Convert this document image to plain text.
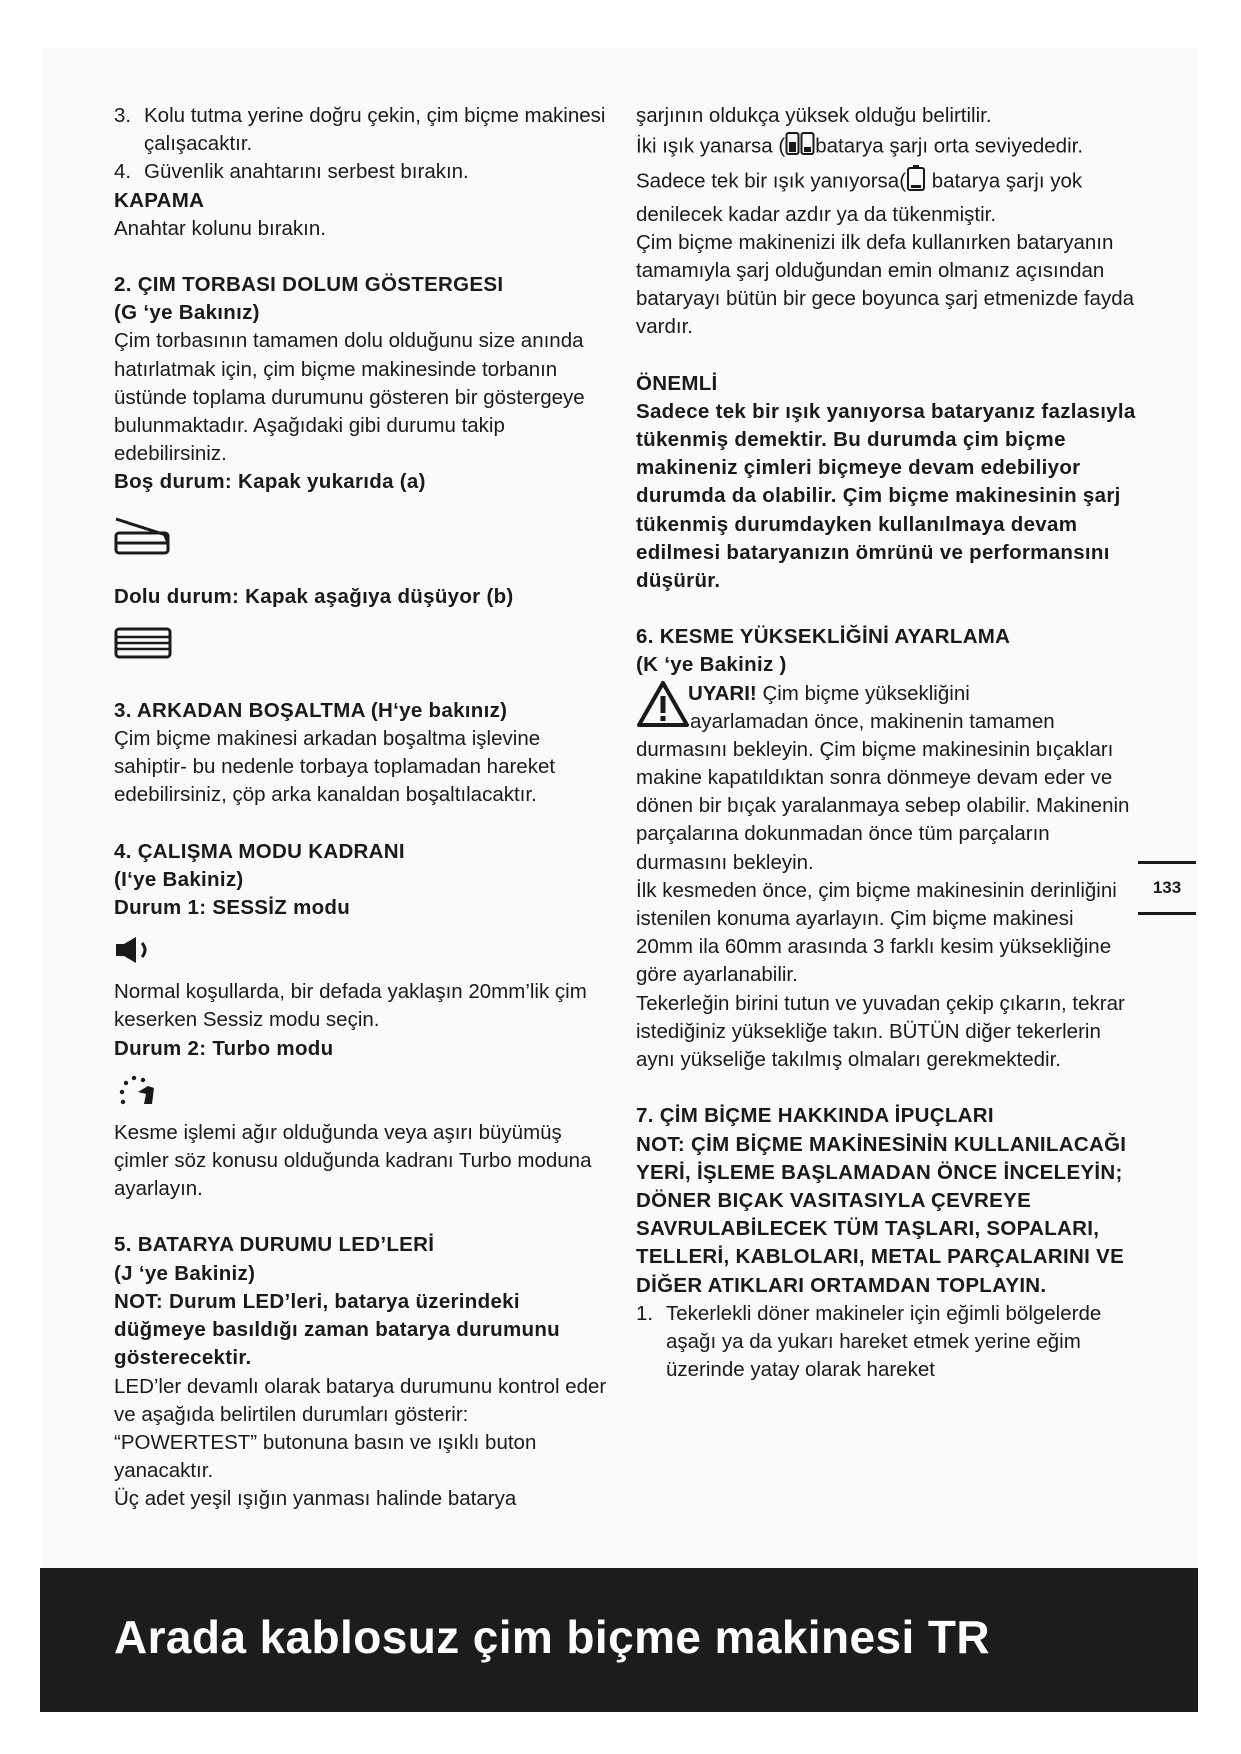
3. Kolu tutma yerine doğru çekin, çim biçme makinesi çalışacaktır.
4. Güvenlik anahtarını serbest bırakın.

KAPAMA

Anahtar kolunu bırakın.

2. ÇIM TORBASI DOLUM GÖSTERGESI

(G ‘ye Bakınız)

Çim torbasının tamamen dolu olduğunu size anında hatırlatmak için, çim biçme makinesinde torbanın üstünde toplama durumunu gösteren bir göstergeye bulunmaktadır. Aşağıdaki gibi durumu takip edebilirsiniz.

Boş durum: Kapak yukarıda (a)

Dolu durum: Kapak aşağıya düşüyor (b)

3. ARKADAN BOŞALTMA (H‘ye bakınız)

Çim biçme makinesi arkadan boşaltma işlevine sahiptir- bu nedenle torbaya toplamadan hareket edebilirsiniz, çöp arka kanaldan boşaltılacaktır.

4. ÇALIŞMA MODU KADRANI

(I‘ye Bakiniz)

Durum 1: SESSİZ modu

Normal koşullarda, bir defada yaklaşın 20mm’lik çim keserken Sessiz modu seçin.

Durum 2: Turbo modu

Kesme işlemi ağır olduğunda veya aşırı büyümüş çimler söz konusu olduğunda kadranı Turbo moduna ayarlayın.

5. BATARYA DURUMU LED’LERİ

(J ‘ye Bakiniz)

NOT: Durum LED’leri, batarya üzerindeki düğmeye basıldığı zaman batarya durumunu gösterecektir.

LED’ler devamlı olarak batarya durumunu kontrol eder ve aşağıda belirtilen durumları gösterir: “POWERTEST” butonuna basın ve ışıklı buton yanacaktır.

Üç adet yeşil ışığın yanması halinde batarya

şarjının oldukça yüksek olduğu belirtilir.

İki ışık yanarsa ( batarya şarjı orta seviyededir.

Sadece tek bir ışık yanıyorsa( batarya şarjı yok denilecek kadar azdır ya da tükenmiştir.

Çim biçme makinenizi ilk defa kullanırken bataryanın tamamıyla şarj olduğundan emin olmanız açısından bataryayı bütün bir gece boyunca şarj etmenizde fayda vardır.

ÖNEMLİ

Sadece tek bir ışık yanıyorsa bataryanız fazlasıyla tükenmiş demektir. Bu durumda çim biçme makineniz çimleri biçmeye devam edebiliyor durumda da olabilir. Çim biçme makinesinin şarj tükenmiş durumdayken kullanılmaya devam edilmesi bataryanızın ömrünü ve performansını düşürür.

6. KESME YÜKSEKLİĞİNİ AYARLAMA

(K ‘ye Bakiniz )

UYARI! Çim biçme yüksekliğini

ayarlamadan önce, makinenin tamamen durmasını bekleyin. Çim biçme makinesinin bıçakları makine kapatıldıktan sonra dönmeye devam eder ve dönen bir bıçak yaralanmaya sebep olabilir. Makinenin parçalarına dokunmadan önce tüm parçaların durmasını bekleyin.

İlk kesmeden önce, çim biçme makinesinin derinliğini istenilen konuma ayarlayın. Çim biçme makinesi 20mm ila 60mm arasında 3 farklı kesim yüksekliğine göre ayarlanabilir.

Tekerleğin birini tutun ve yuvadan çekip çıkarın, tekrar istediğiniz yüksekliğe takın. BÜTÜN diğer tekerlerin aynı yükseliğe takılmış olmaları gerekmektedir.

7. ÇİM BİÇME HAKKINDA İPUÇLARI

NOT: ÇİM BİÇME MAKİNESİNİN KULLANILACAĞI YERİ, İŞLEME BAŞLAMADAN ÖNCE İNCELEYİN; DÖNER BIÇAK VASITASIYLA ÇEVREYE SAVRULABİLECEK TÜM TAŞLARI, SOPALARI, TELLERİ, KABLOLARI, METAL PARÇALARINI VE DİĞER ATIKLARI ORTAMDAN TOPLAYIN.

1. Tekerlekli döner makineler için eğimli bölgelerde aşağı ya da yukarı hareket etmek yerine eğim üzerinde yatay olarak hareket
133
Arada kablosuz çim biçme makinesi TR
